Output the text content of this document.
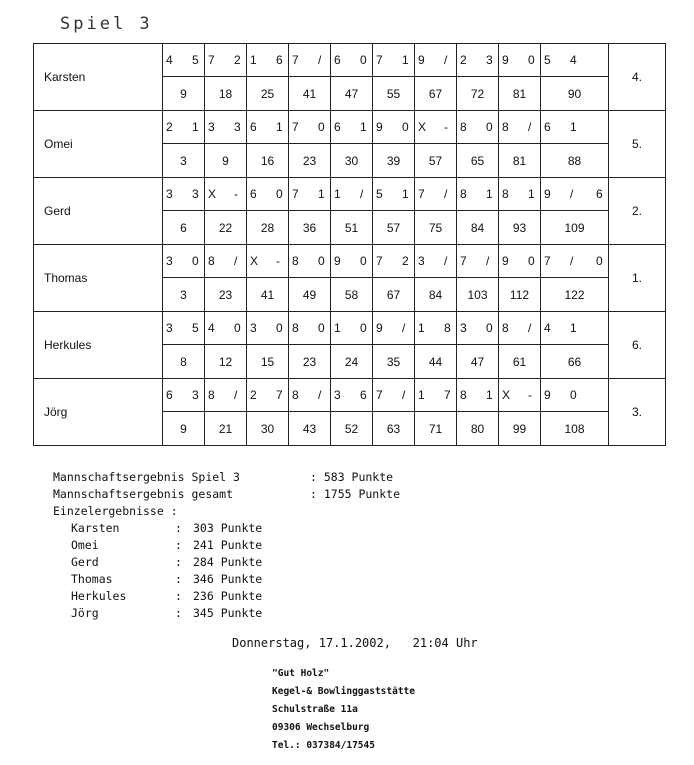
Spiel 3
Karsten	4 5	7 2	1 6	7 /	6 0	7 1	9 /	2 3	9 0	5 4	4.
	9	18	25	41	47	55	67	72	81	90	
Omei	2 1	3 3	6 1	7 0	6 1	9 0	X -	8 0	8 /	6 1	5.
	3	9	16	23	30	39	57	65	81	88	
Gerd	3 3	X -	6 0	7 1	1 /	5 1	7 /	8 1	8 1	9 / 6	2.
	6	22	28	36	51	57	75	84	93	109	
Thomas	3 0	8 /	X -	8 0	9 0	7 2	3 /	7 /	9 0	7 / 0	1.
	3	23	41	49	58	67	84	103	112	122	
Herkules	3 5	4 0	3 0	8 0	1 0	9 /	1 8	3 0	8 /	4 1	6.
	8	12	15	23	24	35	44	47	61	66	
Jörg	6 3	8 /	2 7	8 /	3 6	7 /	1 7	8 1	X -	9 0	3.
	9	21	30	43	52	63	71	80	99	108	
Mannschaftsergebnis Spiel 3	: 583 Punkte
Mannschaftsergebnis gesamt	: 1755 Punkte
Einzelergebnisse :
Karsten	: 303 Punkte
Omei	: 241 Punkte
Gerd	: 284 Punkte
Thomas	: 346 Punkte
Herkules	: 236 Punkte
Jörg	: 345 Punkte
Donnerstag, 17.1.2002,   21:04 Uhr
"Gut Holz"
Kegel-& Bowlinggaststätte
Schulstraße 11a
09306 Wechselburg
Tel.: 037384/17545
